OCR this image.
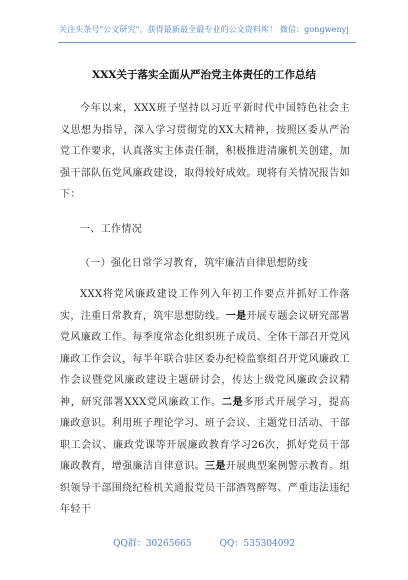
关注头条号"公文研究"，获得最新最全最专业的公文资料库！ 微信：gongwenyj
XXX关于落实全面从严治党主体责任的工作总结

今年以来，XXX班子坚持以习近平新时代中国特色社会主义思想为指导，深入学习贯彻党的XX大精神，按照区委从严治党工作要求，认真落实主体责任制，积极推进清廉机关创建，加强干部队伍党风廉政建设，取得较好成效。现将有关情况报告如下：

一、工作情况

（一）强化日常学习教育，筑牢廉洁自律思想防线

XXX将党风廉政建设工作列入年初工作要点并抓好工作落实，注重日常教育，筑牢思想防线。一是开展专题会议研究部署党风廉政工作。每季度常态化组织班子成员、全体干部召开党风廉政工作会议，每半年联合驻区委办纪检监察组召开党风廉政工作会议暨党风廉政建设主题研讨会，传达上级党风廉政会议精神，研究部署XXX党风廉政工作。二是多形式开展学习，提高廉政意识。利用班子理论学习、班子会议、主题党日活动、干部职工会议、廉政党课等开展廉政教育学习26次，抓好党员干部廉政教育，增强廉洁自律意识。三是开展典型案例警示教育。组织领导干部围绕纪检机关通报党员干部酒驾醉驾、严重违法违纪年轻干

QQ群：30265665	QQ：535304092
